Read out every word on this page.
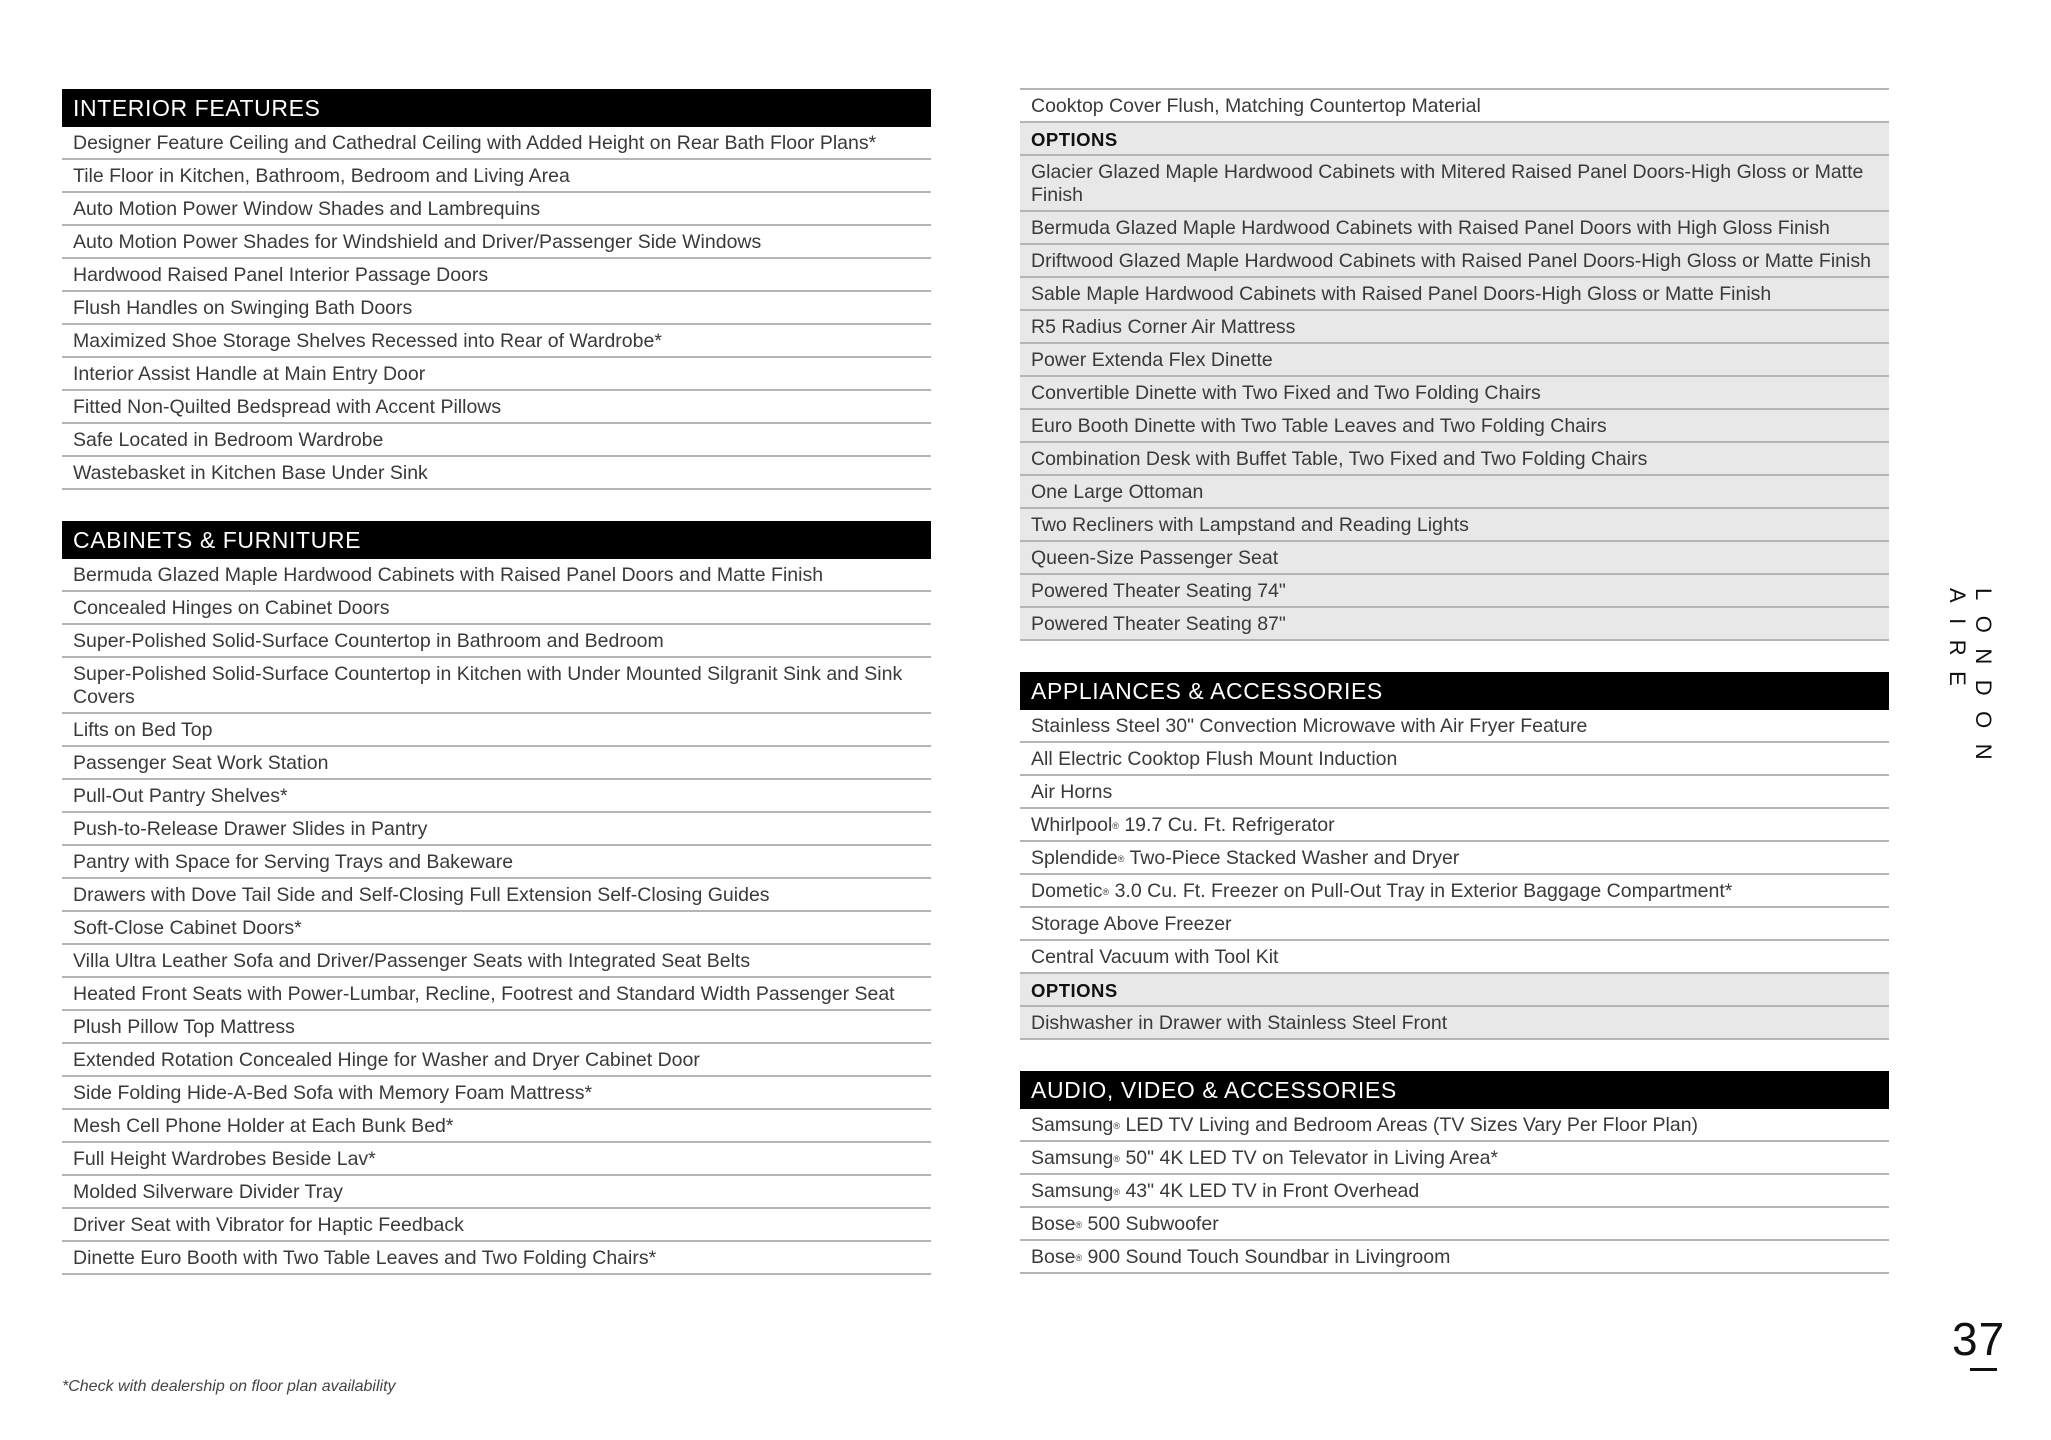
INTERIOR FEATURES
Designer Feature Ceiling and Cathedral Ceiling with Added Height on Rear Bath Floor Plans*
Tile Floor in Kitchen, Bathroom, Bedroom and Living Area
Auto Motion Power Window Shades and Lambrequins
Auto Motion Power Shades for Windshield and Driver/Passenger Side Windows
Hardwood Raised Panel Interior Passage Doors
Flush Handles on Swinging Bath Doors
Maximized Shoe Storage Shelves Recessed into Rear of Wardrobe*
Interior Assist Handle at Main Entry Door
Fitted Non-Quilted Bedspread with Accent Pillows
Safe Located in Bedroom Wardrobe
Wastebasket in Kitchen Base Under Sink
CABINETS & FURNITURE
Bermuda Glazed Maple Hardwood Cabinets with Raised Panel Doors and Matte Finish
Concealed Hinges on Cabinet Doors
Super-Polished Solid-Surface Countertop in Bathroom and Bedroom
Super-Polished Solid-Surface Countertop in Kitchen with Under Mounted Silgranit Sink and Sink Covers
Lifts on Bed Top
Passenger Seat Work Station
Pull-Out Pantry Shelves*
Push-to-Release Drawer Slides in Pantry
Pantry with Space for Serving Trays and Bakeware
Drawers with Dove Tail Side and Self-Closing Full Extension Self-Closing Guides
Soft-Close Cabinet Doors*
Villa Ultra Leather Sofa and Driver/Passenger Seats with Integrated Seat Belts
Heated Front Seats with Power-Lumbar, Recline, Footrest and Standard Width Passenger Seat
Plush Pillow Top Mattress
Extended Rotation Concealed Hinge for Washer and Dryer Cabinet Door
Side Folding Hide-A-Bed Sofa with Memory Foam Mattress*
Mesh Cell Phone Holder at Each Bunk Bed*
Full Height Wardrobes Beside Lav*
Molded Silverware Divider Tray
Driver Seat with Vibrator for Haptic Feedback
Dinette Euro Booth with Two Table Leaves and Two Folding Chairs*
Cooktop Cover Flush, Matching Countertop Material
OPTIONS
Glacier Glazed Maple Hardwood Cabinets with Mitered Raised Panel Doors-High Gloss or Matte Finish
Bermuda Glazed Maple Hardwood Cabinets with Raised Panel Doors with High Gloss Finish
Driftwood Glazed Maple Hardwood Cabinets with Raised Panel Doors-High Gloss or Matte Finish
Sable Maple Hardwood Cabinets with Raised Panel Doors-High Gloss or Matte Finish
R5 Radius Corner Air Mattress
Power Extenda Flex Dinette
Convertible Dinette with Two Fixed and Two Folding Chairs
Euro Booth Dinette with Two Table Leaves and Two Folding Chairs
Combination Desk with Buffet Table, Two Fixed and Two Folding Chairs
One Large Ottoman
Two Recliners with Lampstand and Reading Lights
Queen-Size Passenger Seat
Powered Theater Seating 74"
Powered Theater Seating 87"
APPLIANCES & ACCESSORIES
Stainless Steel 30" Convection Microwave with Air Fryer Feature
All Electric Cooktop Flush Mount Induction
Air Horns
Whirlpool® 19.7 Cu. Ft. Refrigerator
Splendide® Two-Piece Stacked Washer and Dryer
Dometic® 3.0 Cu. Ft. Freezer on Pull-Out Tray in Exterior Baggage Compartment*
Storage Above Freezer
Central Vacuum with Tool Kit
OPTIONS
Dishwasher in Drawer with Stainless Steel Front
AUDIO, VIDEO & ACCESSORIES
Samsung® LED TV Living and Bedroom Areas (TV Sizes Vary Per Floor Plan)
Samsung® 50" 4K LED TV on Televator in Living Area*
Samsung® 43" 4K LED TV in Front Overhead
Bose® 500 Subwoofer
Bose® 900 Sound Touch Soundbar in Livingroom
LONDON AIRE
37
*Check with dealership on floor plan availability
